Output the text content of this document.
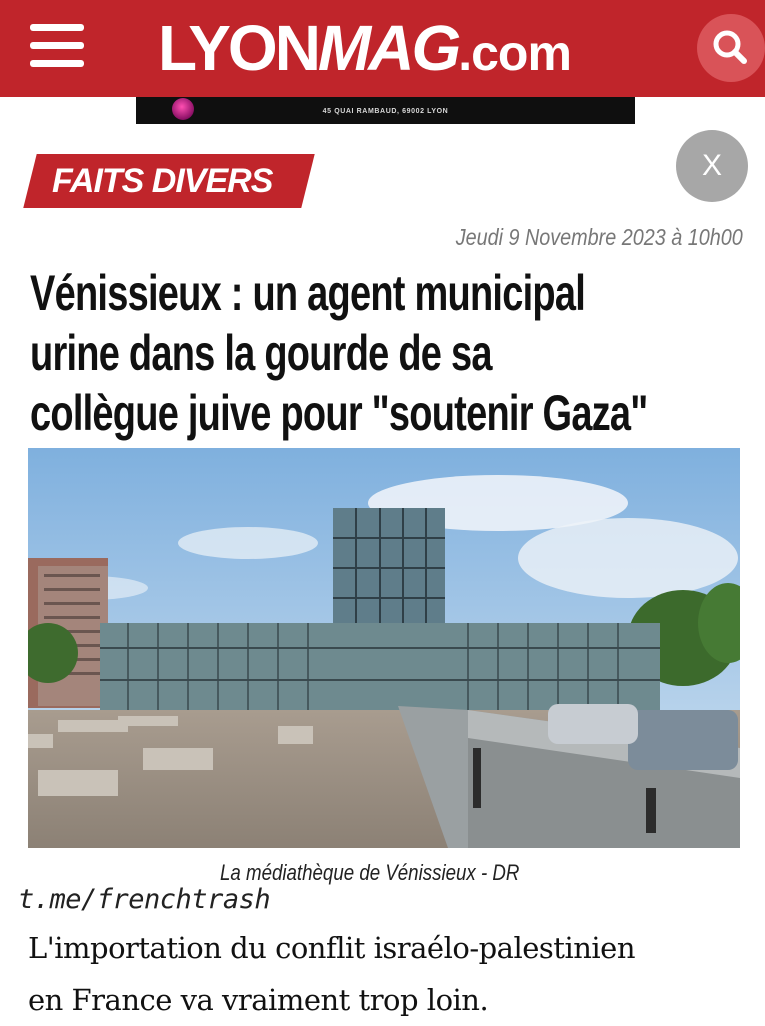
LYONMAG.com
45 QUAI RAMBAUD, 69002 LYON
FAITS DIVERS	X
Jeudi 9 Novembre 2023 à 10h00
Vénissieux : un agent municipal
urine dans la gourde de sa
collègue juive pour "soutenir Gaza"
La médiathèque de Vénissieux - DR
t.me/frenchtrash

L'importation du conflit israélo-palestinien
en France va vraiment trop loin.
